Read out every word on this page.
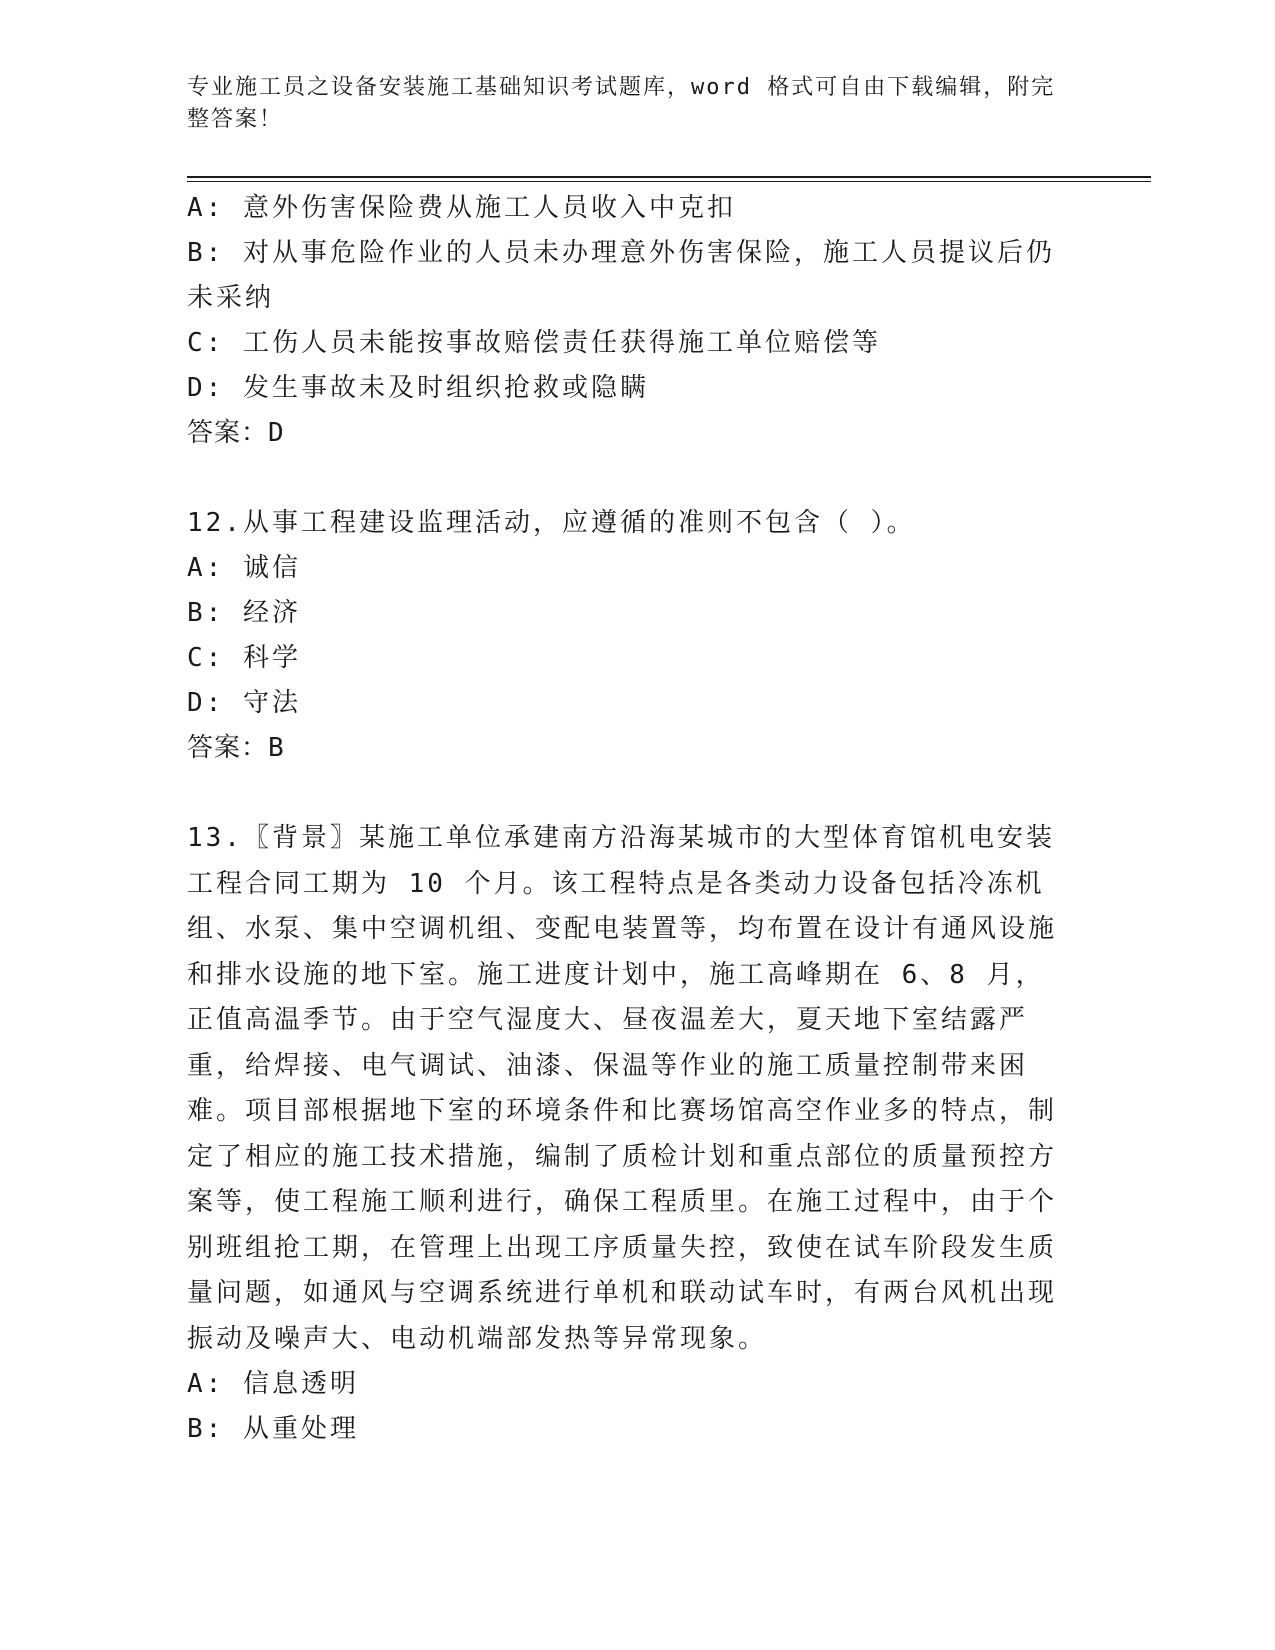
专业施工员之设备安装施工基础知识考试题库，word 格式可自由下载编辑，附完整答案！

A: 意外伤害保险费从施工人员收入中克扣

B: 对从事危险作业的人员未办理意外伤害保险，施工人员提议后仍未采纳

C: 工伤人员未能按事故赔偿责任获得施工单位赔偿等

D: 发生事故未及时组织抢救或隐瞒

答案：D

12.从事工程建设监理活动，应遵循的准则不包含（ ）。

A: 诚信

B: 经济

C: 科学

D: 守法

答案：B

13.〖背景〗某施工单位承建南方沿海某城市的大型体育馆机电安装工程合同工期为 10 个月。该工程特点是各类动力设备包括冷冻机组、水泵、集中空调机组、变配电装置等，均布置在设计有通风设施和排水设施的地下室。施工进度计划中，施工高峰期在 6、8 月，正值高温季节。由于空气湿度大、昼夜温差大，夏天地下室结露严重，给焊接、电气调试、油漆、保温等作业的施工质量控制带来困难。项目部根据地下室的环境条件和比赛场馆高空作业多的特点，制定了相应的施工技术措施，编制了质检计划和重点部位的质量预控方案等，使工程施工顺利进行，确保工程质里。在施工过程中，由于个别班组抢工期，在管理上出现工序质量失控，致使在试车阶段发生质量问题，如通风与空调系统进行单机和联动试车时，有两台风机出现振动及噪声大、电动机端部发热等异常现象。

A: 信息透明

B: 从重处理
